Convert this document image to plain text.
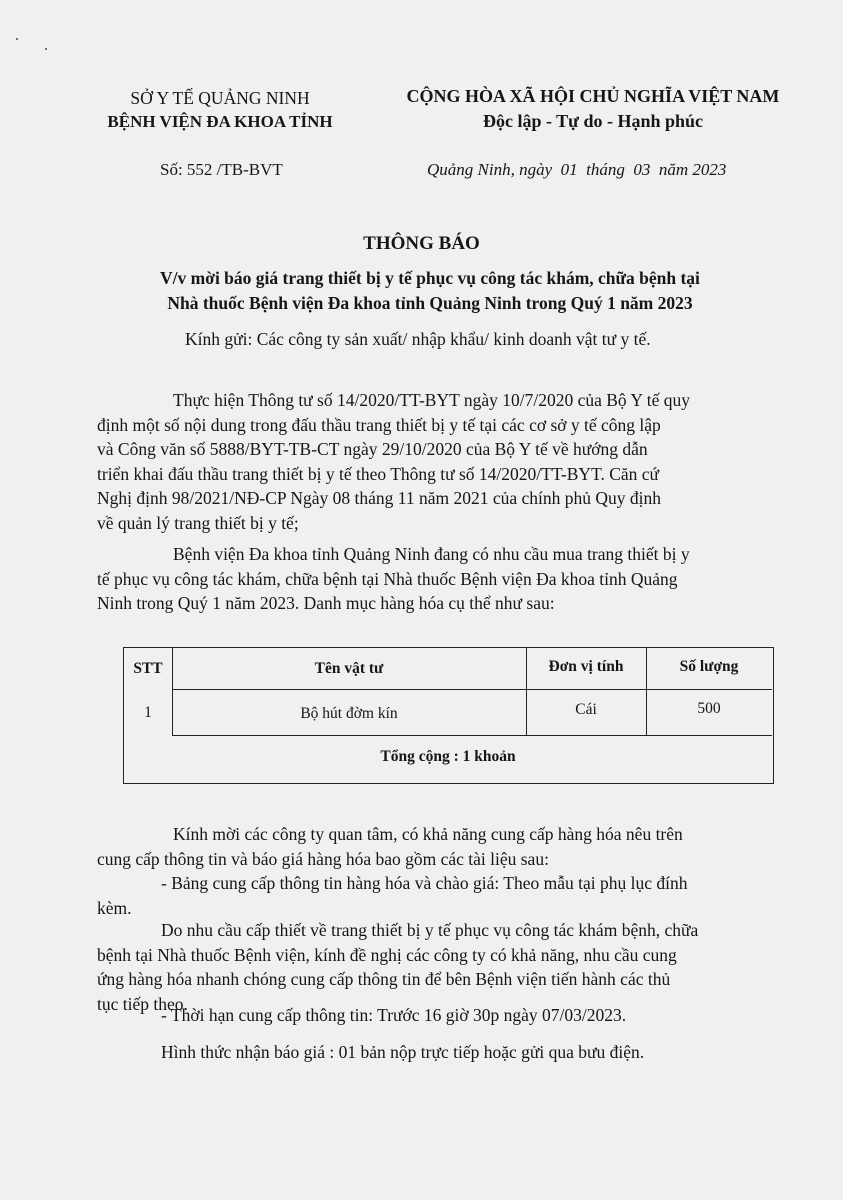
SỞ Y TẾ QUẢNG NINH
BỆNH VIỆN ĐA KHOA TỈNH
CỘNG HÒA XÃ HỘI CHỦ NGHĨA VIỆT NAM
Độc lập - Tự do - Hạnh phúc
Số: 552 /TB-BVT	Quảng Ninh, ngày  01  tháng  03  năm 2023
THÔNG BÁO
V/v mời báo giá trang thiết bị y tế phục vụ công tác khám, chữa bệnh tại
Nhà thuốc Bệnh viện Đa khoa tỉnh Quảng Ninh trong Quý 1 năm 2023
Kính gửi: Các công ty sản xuất/ nhập khẩu/ kinh doanh vật tư y tế.
Thực hiện Thông tư số 14/2020/TT-BYT ngày 10/7/2020 của Bộ Y tế quy
định một số nội dung trong đấu thầu trang thiết bị y tế tại các cơ sở y tế công lập
và Công văn số 5888/BYT-TB-CT ngày 29/10/2020 của Bộ Y tế về hướng dẫn
triển khai đấu thầu trang thiết bị y tế theo Thông tư số 14/2020/TT-BYT. Căn cứ
Nghị định 98/2021/NĐ-CP Ngày 08 tháng 11 năm 2021 của chính phủ Quy định
về quản lý trang thiết bị y tế;
Bệnh viện Đa khoa tỉnh Quảng Ninh đang có nhu cầu mua trang thiết bị y
tế phục vụ công tác khám, chữa bệnh tại Nhà thuốc Bệnh viện Đa khoa tỉnh Quảng
Ninh trong Quý 1 năm 2023. Danh mục hàng hóa cụ thể như sau:
STT	Tên vật tư	Đơn vị tính	Số lượng
1	Bộ hút đờm kín	Cái	500
Tổng cộng : 1 khoản
Kính mời các công ty quan tâm, có khả năng cung cấp hàng hóa nêu trên
cung cấp thông tin và báo giá hàng hóa bao gồm các tài liệu sau:
- Bảng cung cấp thông tin hàng hóa và chào giá: Theo mẫu tại phụ lục đính
kèm.
Do nhu cầu cấp thiết về trang thiết bị y tế phục vụ công tác khám bệnh, chữa
bệnh tại Nhà thuốc Bệnh viện, kính đề nghị các công ty có khả năng, nhu cầu cung
ứng hàng hóa nhanh chóng cung cấp thông tin để bên Bệnh viện tiến hành các thủ
tục tiếp theo.
- Thời hạn cung cấp thông tin: Trước 16 giờ 30p ngày 07/03/2023.
Hình thức nhận báo giá : 01 bản nộp trực tiếp hoặc gửi qua bưu điện.
